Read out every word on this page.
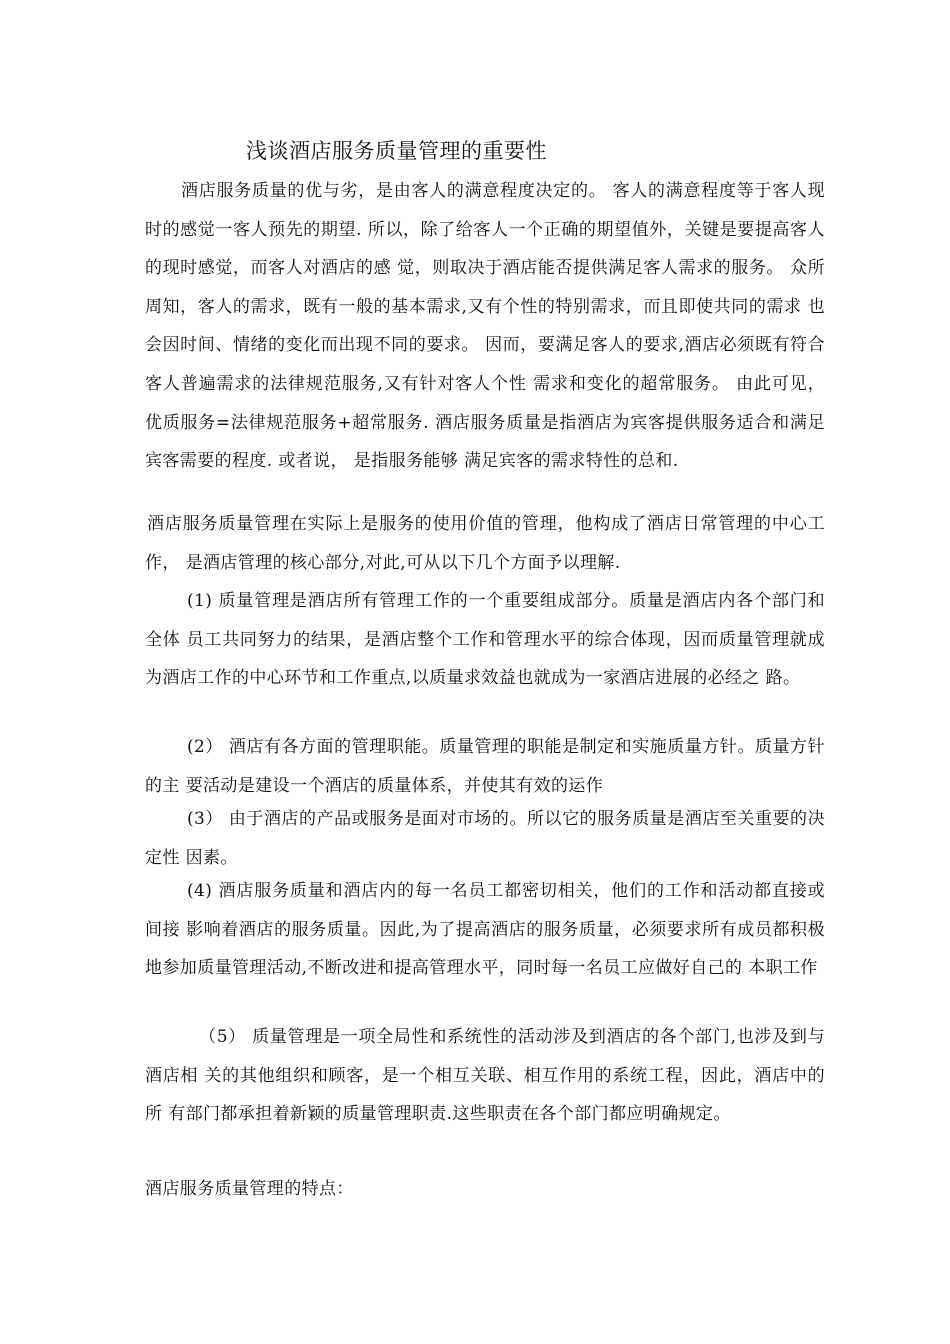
浅谈酒店服务质量管理的重要性
酒店服务质量的优与劣，是由客人的满意程度决定的。 客人的满意程度等于客人现时的感觉一客人预先的期望. 所以，除了给客人一个正确的期望值外，关键是要提高客人的现时感觉，而客人对酒店的感 觉，则取决于酒店能否提供满足客人需求的服务。 众所周知，客人的需求，既有一般的基本需求,又有个性的特别需求，而且即使共同的需求 也会因时间、情绪的变化而出现不同的要求。 因而，要满足客人的要求,酒店必须既有符合客人普遍需求的法律规范服务,又有针对客人个性 需求和变化的超常服务。 由此可见， 优质服务=法律规范服务+超常服务. 酒店服务质量是指酒店为宾客提供服务适合和满足宾客需要的程度. 或者说， 是指服务能够 满足宾客的需求特性的总和.
酒店服务质量管理在实际上是服务的使用价值的管理，他构成了酒店日常管理的中心工作， 是酒店管理的核心部分,对此,可从以下几个方面予以理解.
(1) 质量管理是酒店所有管理工作的一个重要组成部分。质量是酒店内各个部门和全体 员工共同努力的结果，是酒店整个工作和管理水平的综合体现，因而质量管理就成 为酒店工作的中心环节和工作重点,以质量求效益也就成为一家酒店进展的必经之 路。
(2） 酒店有各方面的管理职能。质量管理的职能是制定和实施质量方针。质量方针的主 要活动是建设一个酒店的质量体系，并使其有效的运作
(3） 由于酒店的产品或服务是面对市场的。所以它的服务质量是酒店至关重要的决定性 因素。
(4) 酒店服务质量和酒店内的每一名员工都密切相关，他们的工作和活动都直接或间接 影响着酒店的服务质量。因此,为了提高酒店的服务质量，必须要求所有成员都积极地参加质量管理活动,不断改进和提高管理水平，同时每一名员工应做好自己的 本职工作
（5） 质量管理是一项全局性和系统性的活动涉及到酒店的各个部门,也涉及到与酒店相 关的其他组织和顾客，是一个相互关联、相互作用的系统工程，因此，酒店中的所 有部门都承担着新颖的质量管理职责.这些职责在各个部门都应明确规定。
酒店服务质量管理的特点：
